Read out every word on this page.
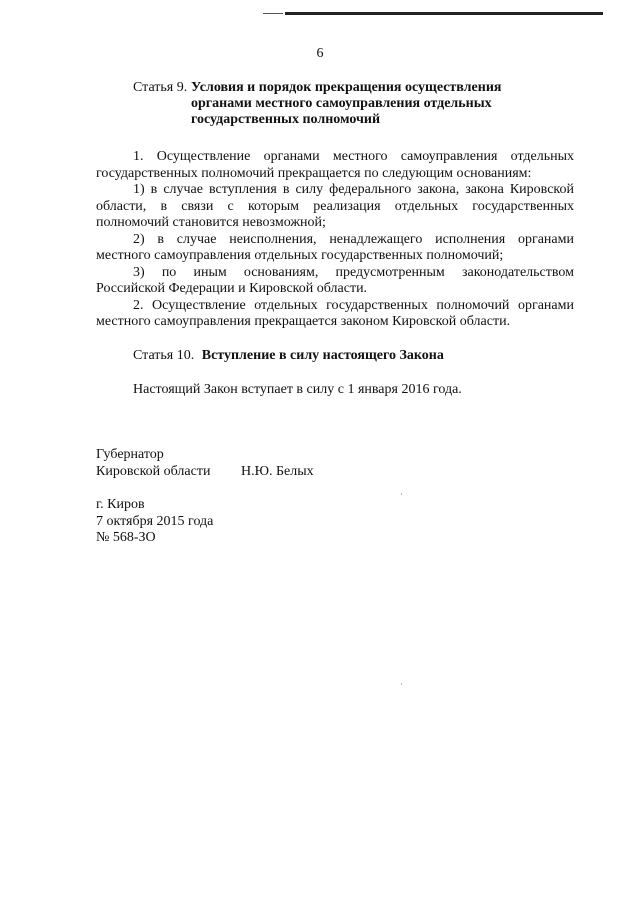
6
Статья 9. Условия и порядок прекращения осуществления
органами местного самоуправления отдельных
государственных полномочий

1. Осуществление органами местного самоуправления отдельных государственных полномочий прекращается по следующим основаниям:

1) в случае вступления в силу федерального закона, закона Кировской области, в связи с которым реализация отдельных государственных полномочий становится невозможной;

2) в случае неисполнения, ненадлежащего исполнения органами местного самоуправления отдельных государственных полномочий;

3) по иным основаниям, предусмотренным законодательством Российской Федерации и Кировской области.

2. Осуществление отдельных государственных полномочий органами местного самоуправления прекращается законом Кировской области.

Статья 10. Вступление в силу настоящего Закона
Настоящий Закон вступает в силу с 1 января 2016 года.
Губернатор
Кировской области Н.Ю. Белых
г. Киров
7 октября 2015 года
№ 568-ЗО
